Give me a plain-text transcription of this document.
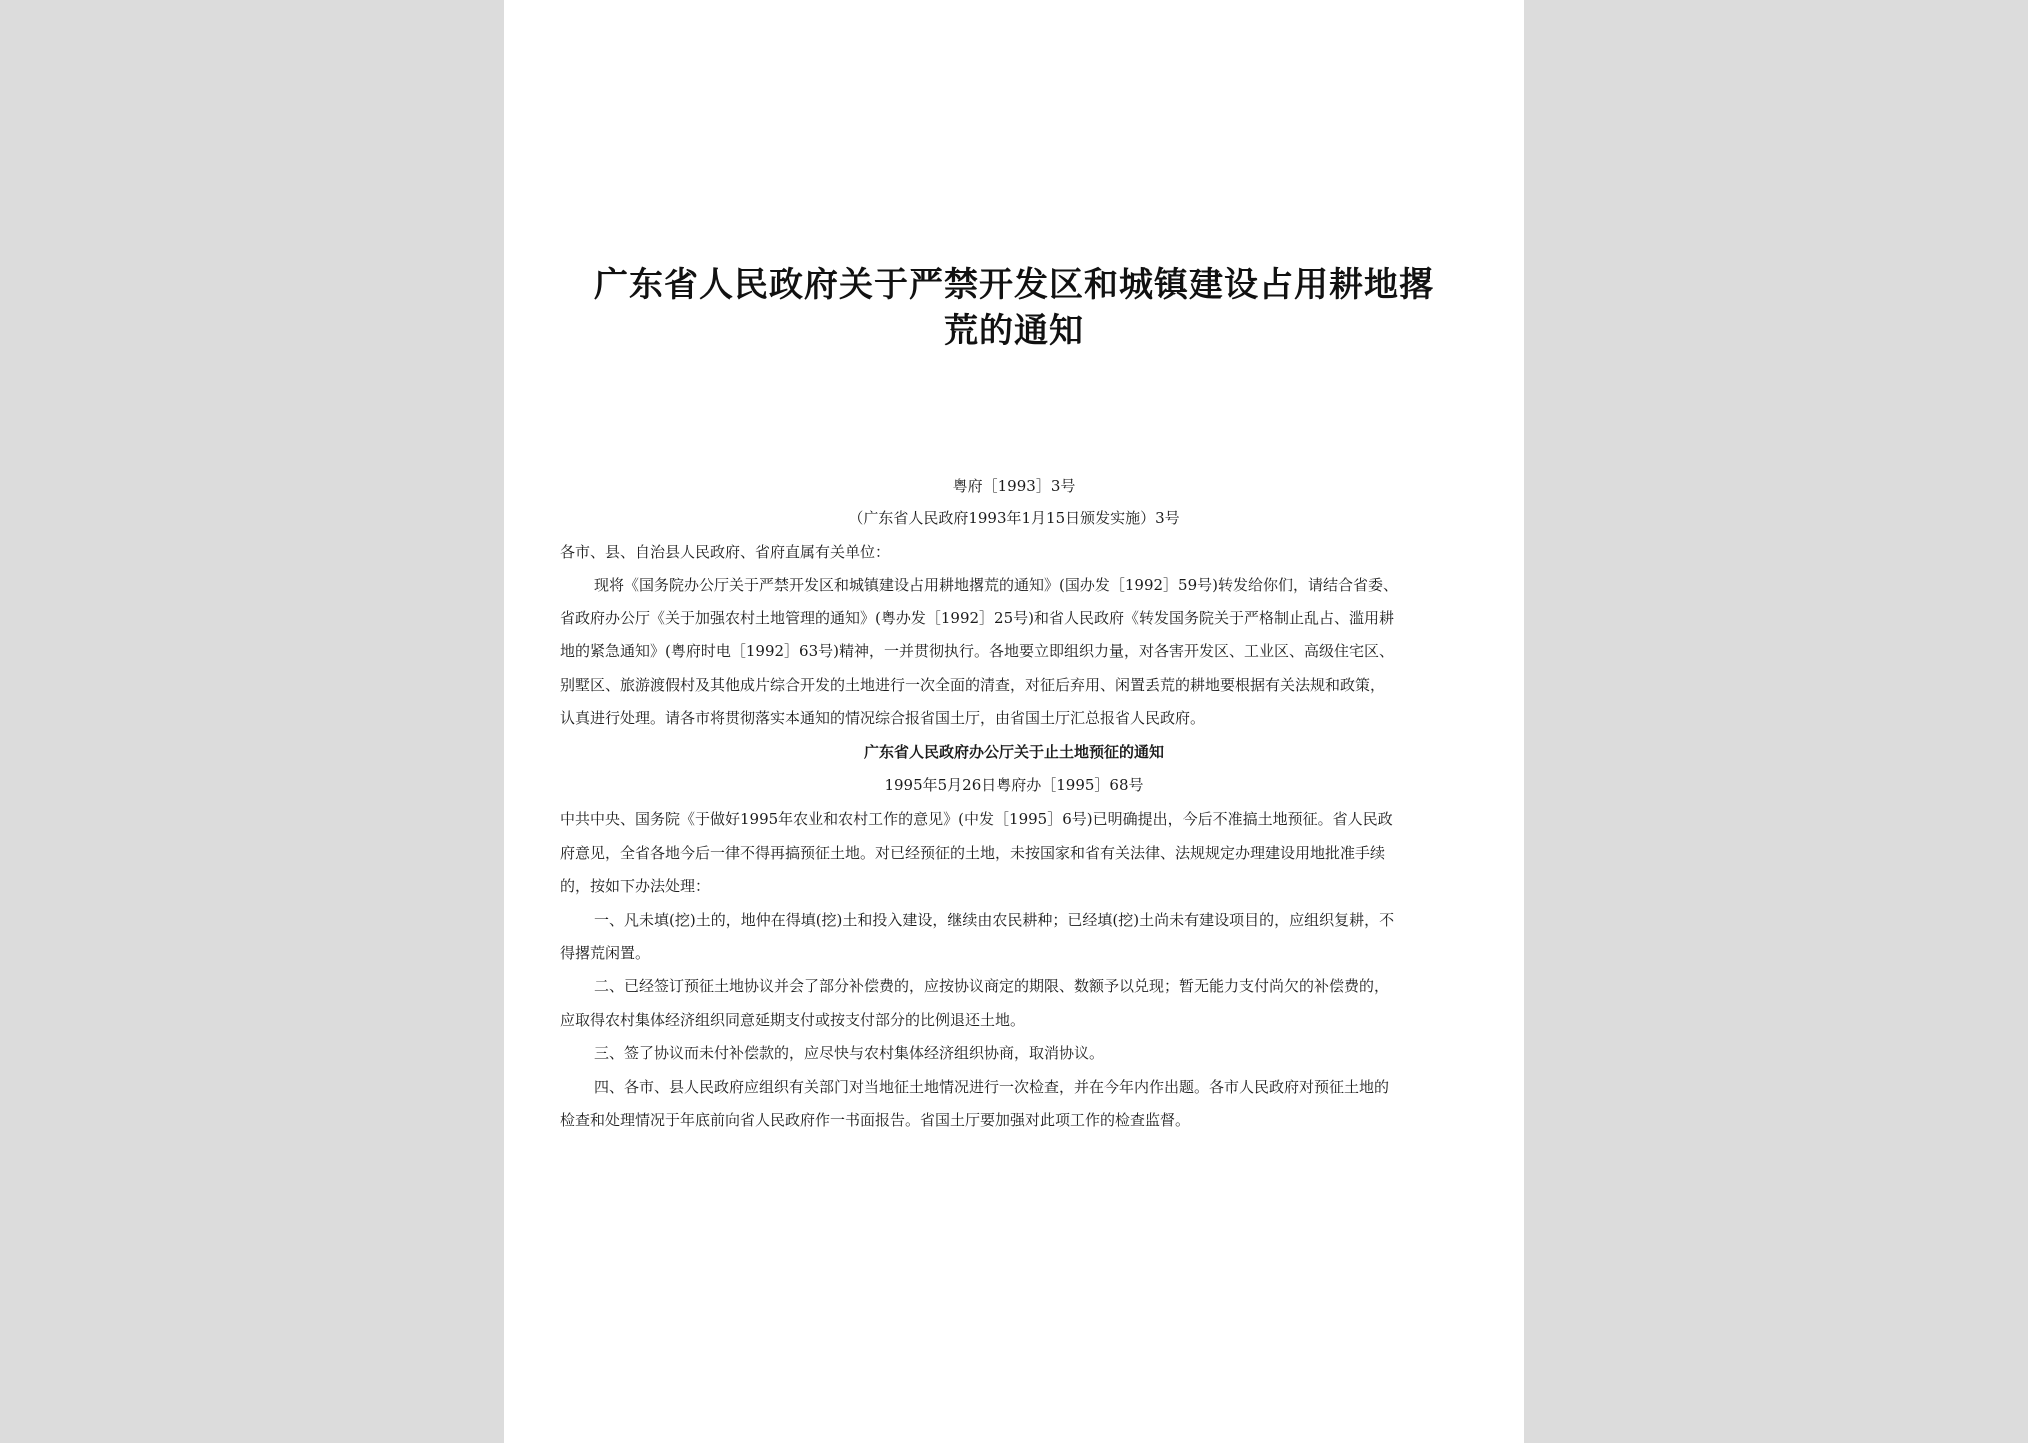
广东省人民政府关于严禁开发区和城镇建设占用耕地撂
荒的通知
粤府［1993］3号
（广东省人民政府1993年1月15日颁发实施）3号
各市、县、自治县人民政府、省府直属有关单位：
现将《国务院办公厅关于严禁开发区和城镇建设占用耕地撂荒的通知》(国办发［1992］59号)转发给你们，请结合省委、
省政府办公厅《关于加强农村土地管理的通知》(粤办发［1992］25号)和省人民政府《转发国务院关于严格制止乱占、滥用耕
地的紧急通知》(粤府时电［1992］63号)精神，一并贯彻执行。各地要立即组织力量，对各害开发区、工业区、高级住宅区、
别墅区、旅游渡假村及其他成片综合开发的土地进行一次全面的清查，对征后弃用、闲置丢荒的耕地要根据有关法规和政策，
认真进行处理。请各市将贯彻落实本通知的情况综合报省国土厅，由省国土厅汇总报省人民政府。
广东省人民政府办公厅关于止土地预征的通知
1995年5月26日粤府办［1995］68号
中共中央、国务院《于做好1995年农业和农村工作的意见》(中发［1995］6号)已明确提出，今后不准搞土地预征。省人民政
府意见，全省各地今后一律不得再搞预征土地。对已经预征的土地，未按国家和省有关法律、法规规定办理建设用地批准手续
的，按如下办法处理：
一、凡未填(挖)土的，地仲在得填(挖)土和投入建设，继续由农民耕种；已经填(挖)土尚未有建设项目的，应组织复耕，不
得撂荒闲置。
二、已经签订预征土地协议并会了部分补偿费的，应按协议商定的期限、数额予以兑现；暂无能力支付尚欠的补偿费的，
应取得农村集体经济组织同意延期支付或按支付部分的比例退还土地。
三、签了协议而未付补偿款的，应尽快与农村集体经济组织协商，取消协议。
四、各市、县人民政府应组织有关部门对当地征土地情况进行一次检查，并在今年内作出题。各市人民政府对预征土地的
检查和处理情况于年底前向省人民政府作一书面报告。省国土厅要加强对此项工作的检查监督。
